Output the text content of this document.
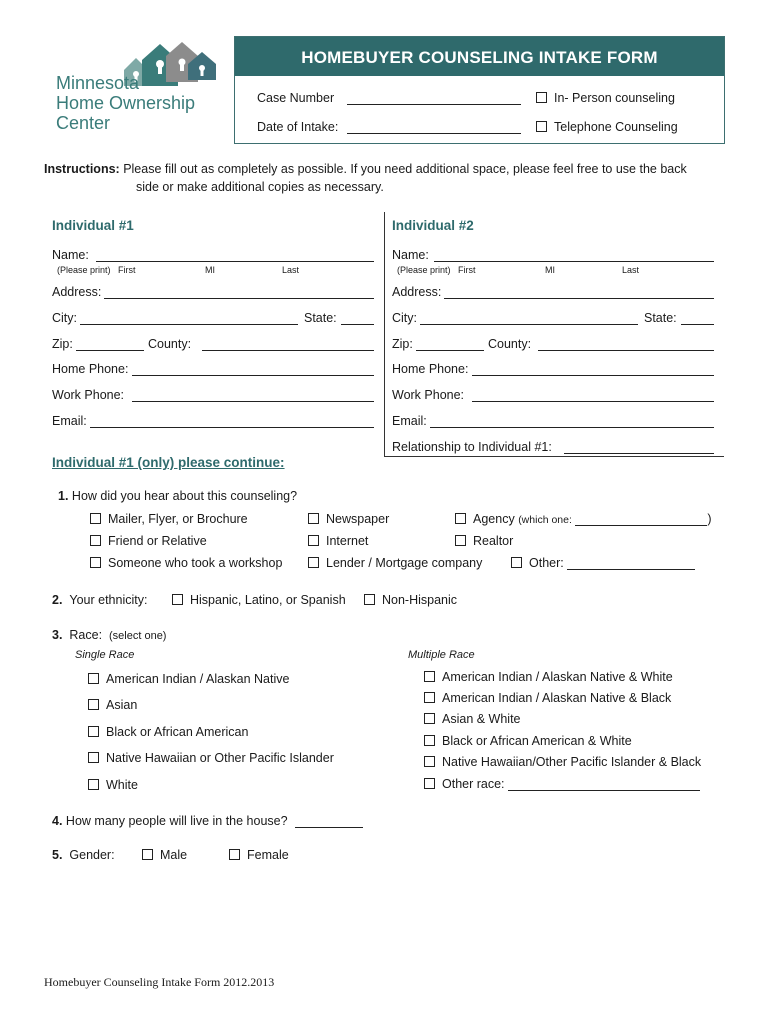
Minnesota
Home Ownership
Center
HOMEBUYER COUNSELING INTAKE FORM
Case Number	In- Person counseling
Date of Intake:	Telephone Counseling
Instructions: Please fill out as completely as possible. If you need additional space, please feel free to use the back
side or make additional copies as necessary.
Individual #1
Name:
(Please print) First	MI	Last
Address:
City:	State:
Zip:	County:
Home Phone:
Work Phone:
Email:
Individual #2
Name:
(Please print) First	MI	Last
Address:
City:	State:
Zip:	County:
Home Phone:
Work Phone:
Email:
Relationship to Individual #1:
Individual #1 (only) please continue:
1. How did you hear about this counseling?
Mailer, Flyer, or Brochure	Newspaper	Agency (which one:	)
Friend or Relative	Internet	Realtor
Someone who took a workshop	Lender / Mortgage company	Other:
2. Your ethnicity:	Hispanic, Latino, or Spanish	Non-Hispanic
3. Race: (select one)
Single Race	Multiple Race
American Indian / Alaskan Native
Asian
Black or African American
Native Hawaiian or Other Pacific Islander
White
American Indian / Alaskan Native & White
American Indian / Alaskan Native & Black
Asian & White
Black or African American & White
Native Hawaiian/Other Pacific Islander & Black
Other race:
4. How many people will live in the house?
5. Gender:	Male	Female
Homebuyer Counseling Intake Form 2012.2013
